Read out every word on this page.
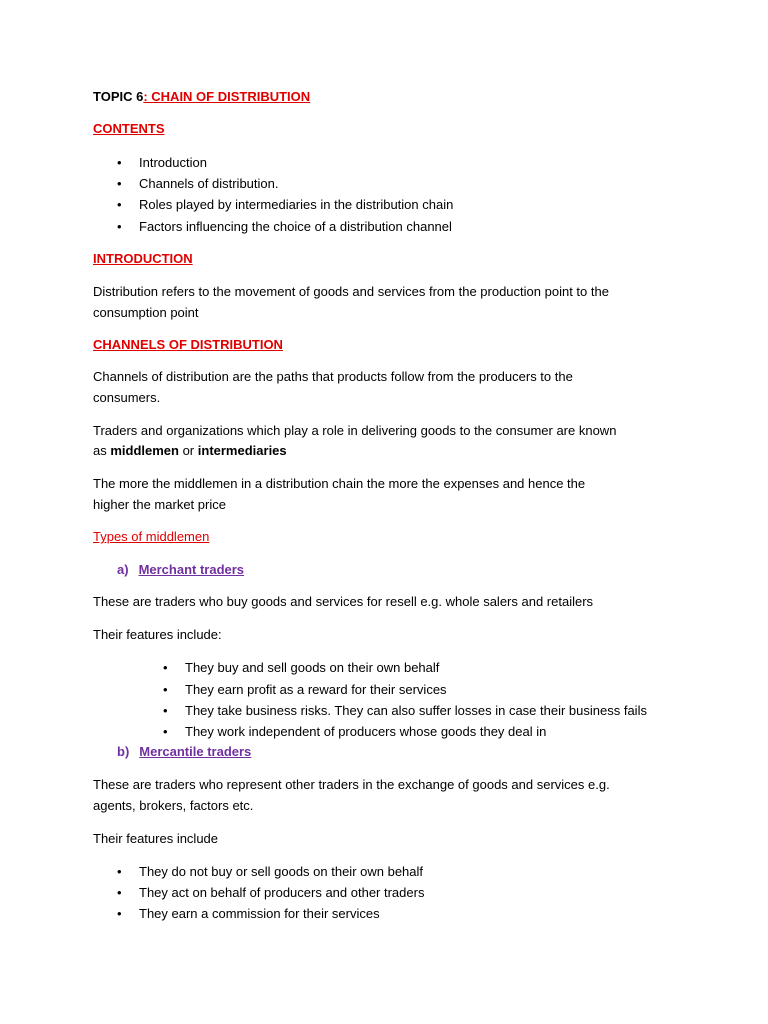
TOPIC 6: CHAIN OF DISTRIBUTION
CONTENTS
• Introduction
• Channels of distribution.
• Roles played by intermediaries in the distribution chain
• Factors influencing the choice of a distribution channel
INTRODUCTION
Distribution refers to the movement of goods and services from the production point to the
consumption point
CHANNELS OF DISTRIBUTION
Channels of distribution are the paths that products follow from the producers to the
consumers.
Traders and organizations which play a role in delivering goods to the consumer are known
as middlemen or intermediaries
The more the middlemen in a distribution chain the more the expenses and hence the
higher the market price
Types of middlemen
a) Merchant traders
These are traders who buy goods and services for resell e.g. whole salers and retailers
Their features include:
• They buy and sell goods on their own behalf
• They earn profit as a reward for their services
• They take business risks. They can also suffer losses in case their business fails
• They work independent of producers whose goods they deal in
b) Mercantile traders
These are traders who represent other traders in the exchange of goods and services e.g.
agents, brokers, factors etc.
Their features include
• They do not buy or sell goods on their own behalf
• They act on behalf of producers and other traders
• They earn a commission for their services
